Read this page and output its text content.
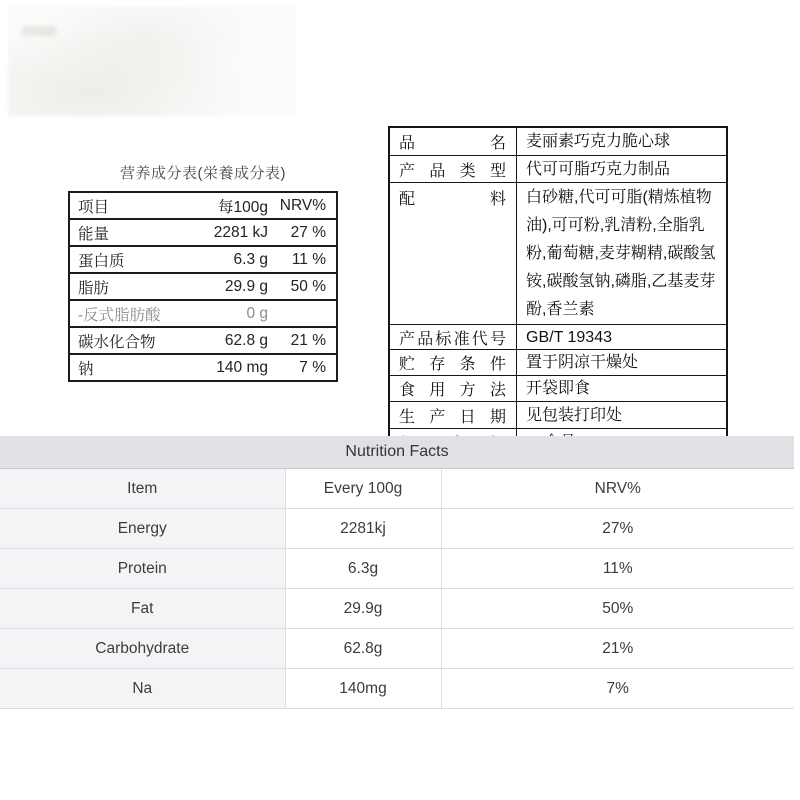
营养成分表(栄養成分表)
项目	每100g	NRV%
能量	2281 kJ	27 %
蛋白质	6.3 g	11 %
脂肪	29.9 g	50 %
-反式脂肪酸	0 g	
碳水化合物	62.8 g	21 %
钠	140 mg	7 %
品名	麦丽素巧克力脆心球
产品类型	代可可脂巧克力制品
配料	白砂糖,代可可脂(精炼植物油),可可粉,乳清粉,全脂乳粉,葡萄糖,麦芽糊精,碳酸氢铵,碳酸氢钠,磷脂,乙基麦芽酚,香兰素
产品标准代号	GB/T 19343
贮存条件	置于阴凉干燥处
食用方法	开袋即食
生产日期	见包装打印处

Nutrition Facts		
Item	Every 100g	NRV%
Energy	2281kj	27%
Protein	6.3g	11%
Fat	29.9g	50%
Carbohydrate	62.8g	21%
Na	140mg	7%
